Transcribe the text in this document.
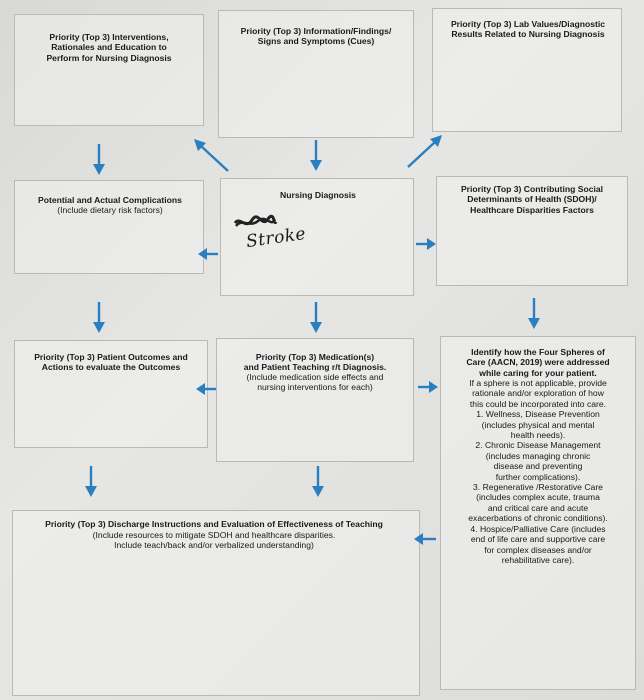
Priority (Top 3) Interventions,
Rationales and Education to
Perform for Nursing Diagnosis
Priority (Top 3) Information/Findings/
Signs and Symptoms (Cues)
Priority (Top 3) Lab Values/Diagnostic
Results Related to Nursing Diagnosis
Potential and Actual Complications
(Include dietary risk factors)
Nursing Diagnosis
Stroke
Priority (Top 3) Contributing Social
Determinants of Health (SDOH)/
Healthcare Disparities Factors
Priority (Top 3) Patient Outcomes and
Actions to evaluate the Outcomes
Priority (Top 3) Medication(s)
and Patient Teaching r/t Diagnosis.
(Include medication side effects and
nursing interventions for each)
Identify how the Four Spheres of
Care (AACN, 2019) were addressed
while caring for your patient.
If a sphere is not applicable, provide
rationale and/or exploration of how
this could be incorporated into care.
1. Wellness, Disease Prevention
(includes physical and mental
health needs).
2. Chronic Disease Management
(includes managing chronic
disease and preventing
further complications).
3. Regenerative /Restorative Care
(includes complex acute, trauma
and critical care and acute
exacerbations of chronic conditions).
4. Hospice/Palliative Care (includes
end of life care and supportive care
for complex diseases and/or
rehabilitative care).
Priority (Top 3) Discharge Instructions and Evaluation of Effectiveness of Teaching
(Include resources to mitigate SDOH and healthcare disparities.
Include teach/back and/or verbalized understanding)
